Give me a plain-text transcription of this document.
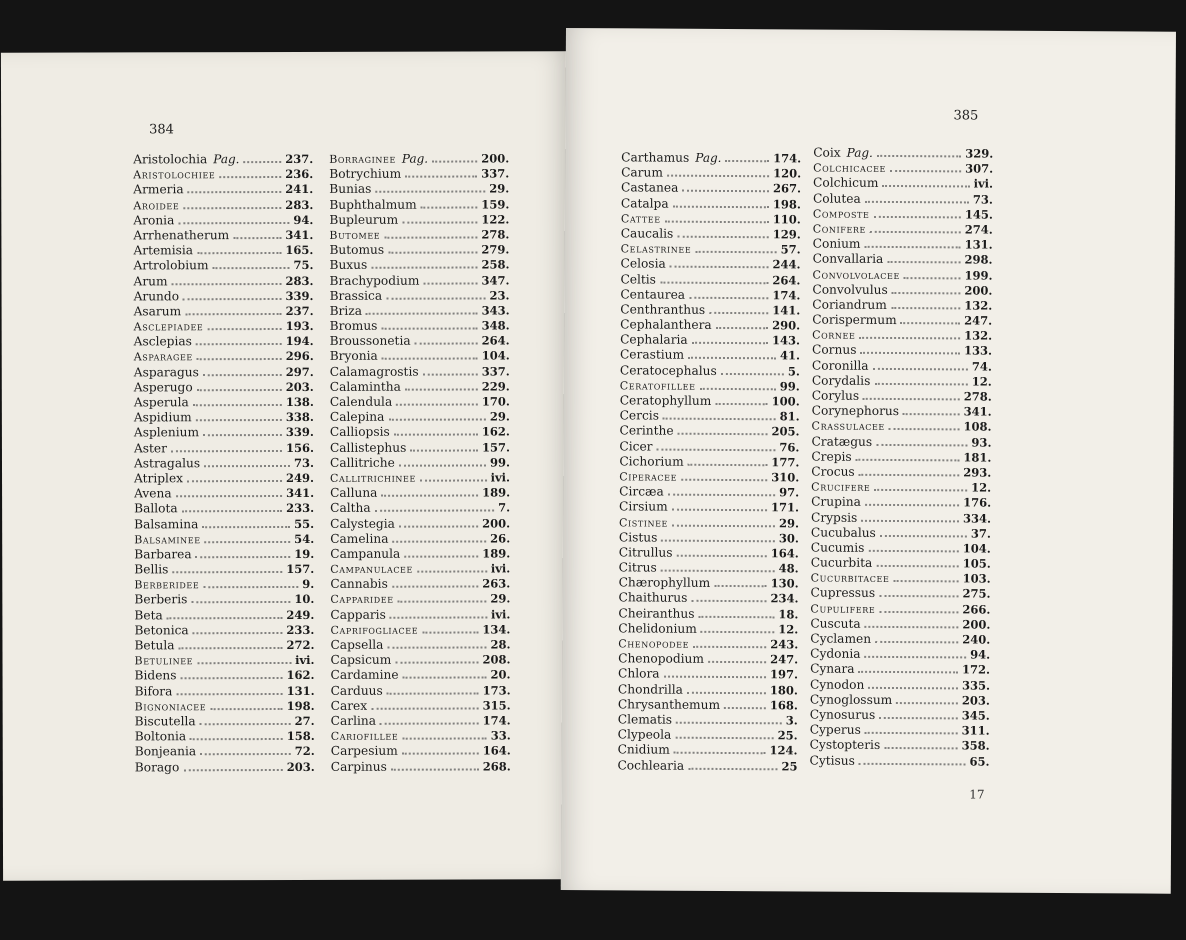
384
Aristolochia Pag.	237.
Aristolochiee	236.
Armeria	241.
Aroidee	283.
Aronia	94.
Arrhenatherum	341.
Artemisia	165.
Artrolobium	75.
Arum	283.
Arundo	339.
Asarum	237.
Asclepiadee	193.
Asclepias	194.
Asparagee	296.
Asparagus	297.
Asperugo	203.
Asperula	138.
Aspidium	338.
Asplenium	339.
Aster	156.
Astragalus	73.
Atriplex	249.
Avena	341.
Ballota	233.
Balsamina	55.
Balsaminee	54.
Barbarea	19.
Bellis	157.
Berberidee	9.
Berberis	10.
Beta	249.
Betonica	233.
Betula	272.
Betulinee	ivi.
Bidens	162.
Bifora	131.
Bignoniacee	198.
Biscutella	27.
Boltonia	158.
Bonjeania	72.
Borago	203.
Borraginee Pag.	200.
Botrychium	337.
Bunias	29.
Buphthalmum	159.
Bupleurum	122.
Butomee	278.
Butomus	279.
Buxus	258.
Brachypodium	347.
Brassica	23.
Briza	343.
Bromus	348.
Broussonetia	264.
Bryonia	104.
Calamagrostis	337.
Calamintha	229.
Calendula	170.
Calepina	29.
Calliopsis	162.
Callistephus	157.
Callitriche	99.
Callitrichinee	ivi.
Calluna	189.
Caltha	7.
Calystegia	200.
Camelina	26.
Campanula	189.
Campanulacee	ivi.
Cannabis	263.
Capparidee	29.
Capparis	ivi.
Caprifogliacee	134.
Capsella	28.
Capsicum	208.
Cardamine	20.
Carduus	173.
Carex	315.
Carlina	174.
Cariofillee	33.
Carpesium	164.
Carpinus	268.
385
Carthamus Pag.	174.
Carum	120.
Castanea	267.
Catalpa	198.
Cattee	110.
Caucalis	129.
Celastrinee	57.
Celosia	244.
Celtis	264.
Centaurea	174.
Centhranthus	141.
Cephalanthera	290.
Cephalaria	143.
Cerastium	41.
Ceratocephalus	5.
Ceratofillee	99.
Ceratophyllum	100.
Cercis	81.
Cerinthe	205.
Cicer	76.
Cichorium	177.
Ciperacee	310.
Circæa	97.
Cirsium	171.
Cistinee	29.
Cistus	30.
Citrullus	164.
Citrus	48.
Chærophyllum	130.
Chaithurus	234.
Cheiranthus	18.
Chelidonium	12.
Chenopodee	243.
Chenopodium	247.
Chlora	197.
Chondrilla	180.
Chrysanthemum	168.
Clematis	3.
Clypeola	25.
Cnidium	124.
Cochlearia	25
Coix Pag.	329.
Colchicacee	307.
Colchicum	ivi.
Colutea	73.
Composte	145.
Conifere	274.
Conium	131.
Convallaria	298.
Convolvolacee	199.
Convolvulus	200.
Coriandrum	132.
Corispermum	247.
Cornee	132.
Cornus	133.
Coronilla	74.
Corydalis	12.
Corylus	278.
Corynephorus	341.
Crassulacee	108.
Cratægus	93.
Crepis	181.
Crocus	293.
Crucifere	12.
Crupina	176.
Crypsis	334.
Cucubalus	37.
Cucumis	104.
Cucurbita	105.
Cucurbitacee	103.
Cupressus	275.
Cupulifere	266.
Cuscuta	200.
Cyclamen	240.
Cydonia	94.
Cynara	172.
Cynodon	335.
Cynoglossum	203.
Cynosurus	345.
Cyperus	311.
Cystopteris	358.
Cytisus	65.
17
